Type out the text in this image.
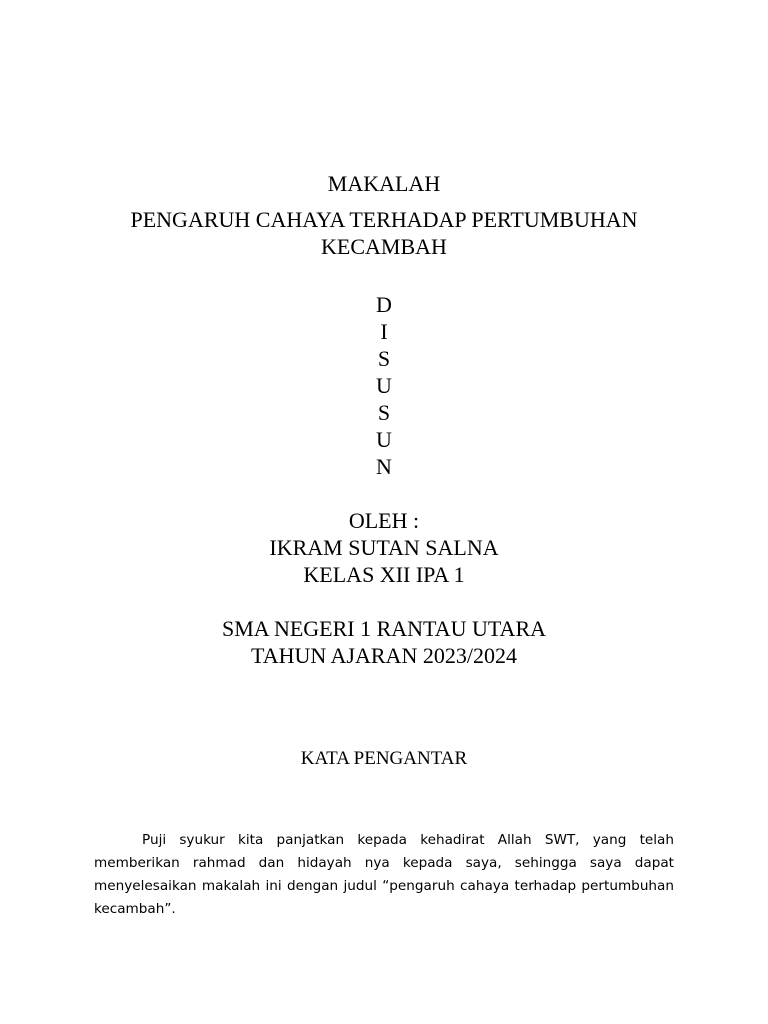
MAKALAH
PENGARUH CAHAYA TERHADAP PERTUMBUHAN
KECAMBAH
D
I
S
U
S
U
N
OLEH :
IKRAM SUTAN SALNA
KELAS XII IPA 1
SMA NEGERI 1 RANTAU UTARA
TAHUN AJARAN 2023/2024
KATA PENGANTAR

Puji syukur kita panjatkan kepada kehadirat Allah SWT, yang telah memberikan rahmad dan hidayah nya kepada saya, sehingga saya dapat menyelesaikan makalah ini dengan judul “pengaruh cahaya terhadap pertumbuhan kecambah”.
